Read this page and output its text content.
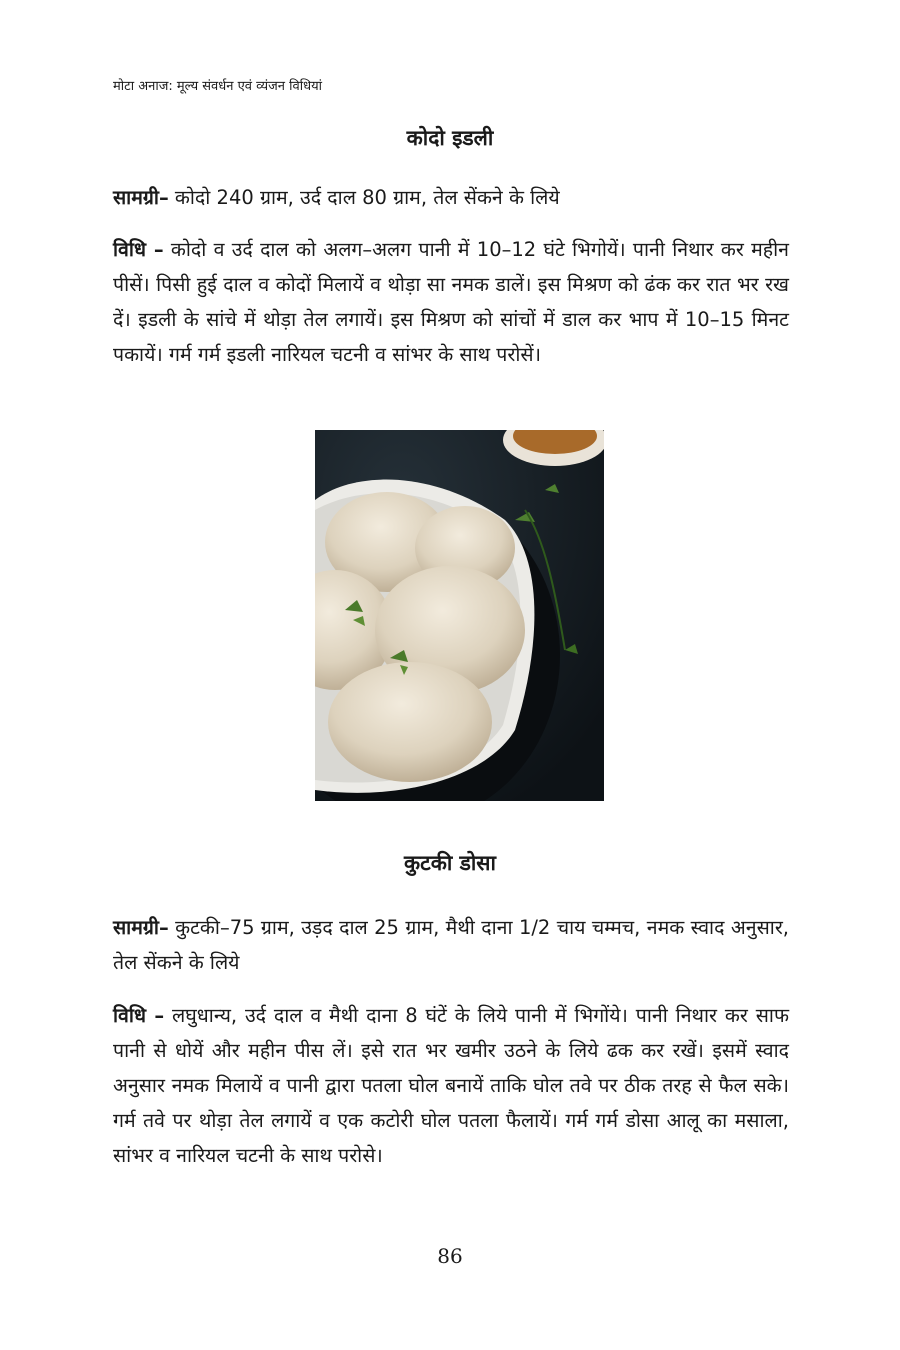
मोटा अनाज: मूल्य संवर्धन एवं व्यंजन विधियां
कोदो इडली

सामग्री– कोदो 240 ग्राम, उर्द दाल 80 ग्राम, तेल सेंकने के लिये

विधि – कोदो व उर्द दाल को अलग–अलग पानी में 10–12 घंटे भिगोयें। पानी निथार कर महीन पीसें। पिसी हुई दाल व कोदों मिलायें व थोड़ा सा नमक डालें। इस मिश्रण को ढंक कर रात भर रख दें। इडली के सांचे में थोड़ा तेल लगायें। इस मिश्रण को सांचों में डाल कर भाप में 10–15 मिनट पकायें। गर्म गर्म इडली नारियल चटनी व सांभर के साथ परोसें।

कुटकी डोसा

सामग्री– कुटकी–75 ग्राम, उड़द दाल 25 ग्राम, मैथी दाना 1/2 चाय चम्मच, नमक स्वाद अनुसार, तेल सेंकने के लिये

विधि – लघुधान्य, उर्द दाल व मैथी दाना 8 घंटें के लिये पानी में भिगोंये। पानी निथार कर साफ पानी से धोयें और महीन पीस लें। इसे रात भर खमीर उठने के लिये ढक कर रखें। इसमें स्वाद अनुसार नमक मिलायें व पानी द्वारा पतला घोल बनायें ताकि घोल तवे पर ठीक तरह से फैल सके। गर्म तवे पर थोड़ा तेल लगायें व एक कटोरी घोल पतला फैलायें। गर्म गर्म डोसा आलू का मसाला, सांभर व नारियल चटनी के साथ परोसे।

86
